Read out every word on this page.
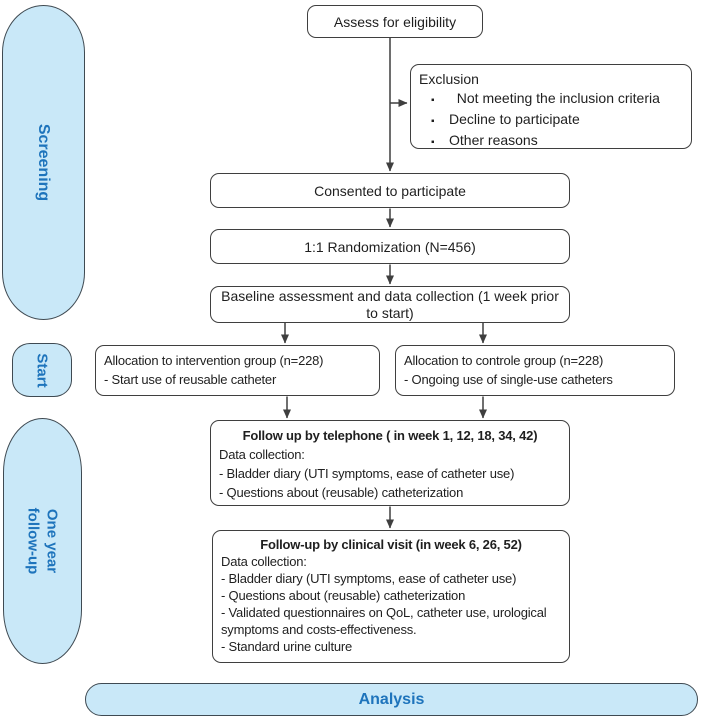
Screening
Start
One year
follow-up
Assess for eligibility
Exclusion
▪
Not meeting the inclusion criteria
▪
Decline to participate
▪
Other reasons
Consented to participate
1:1 Randomization (N=456)
Baseline assessment and data collection (1 week prior to start)
Allocation to intervention group (n=228)
- Start use of reusable catheter
Allocation to controle group (n=228)
- Ongoing use of single-use catheters
Follow up by telephone ( in week 1, 12, 18, 34, 42)
Data collection:
- Bladder diary (UTI symptoms, ease of catheter use)
- Questions about (reusable) catheterization
Follow-up by clinical visit (in week 6, 26, 52)
Data collection:
- Bladder diary (UTI symptoms, ease of catheter use)
- Questions about (reusable) catheterization
- Validated questionnaires on QoL, catheter use, urological symptoms and costs-effectiveness.
- Standard urine culture
Analysis
